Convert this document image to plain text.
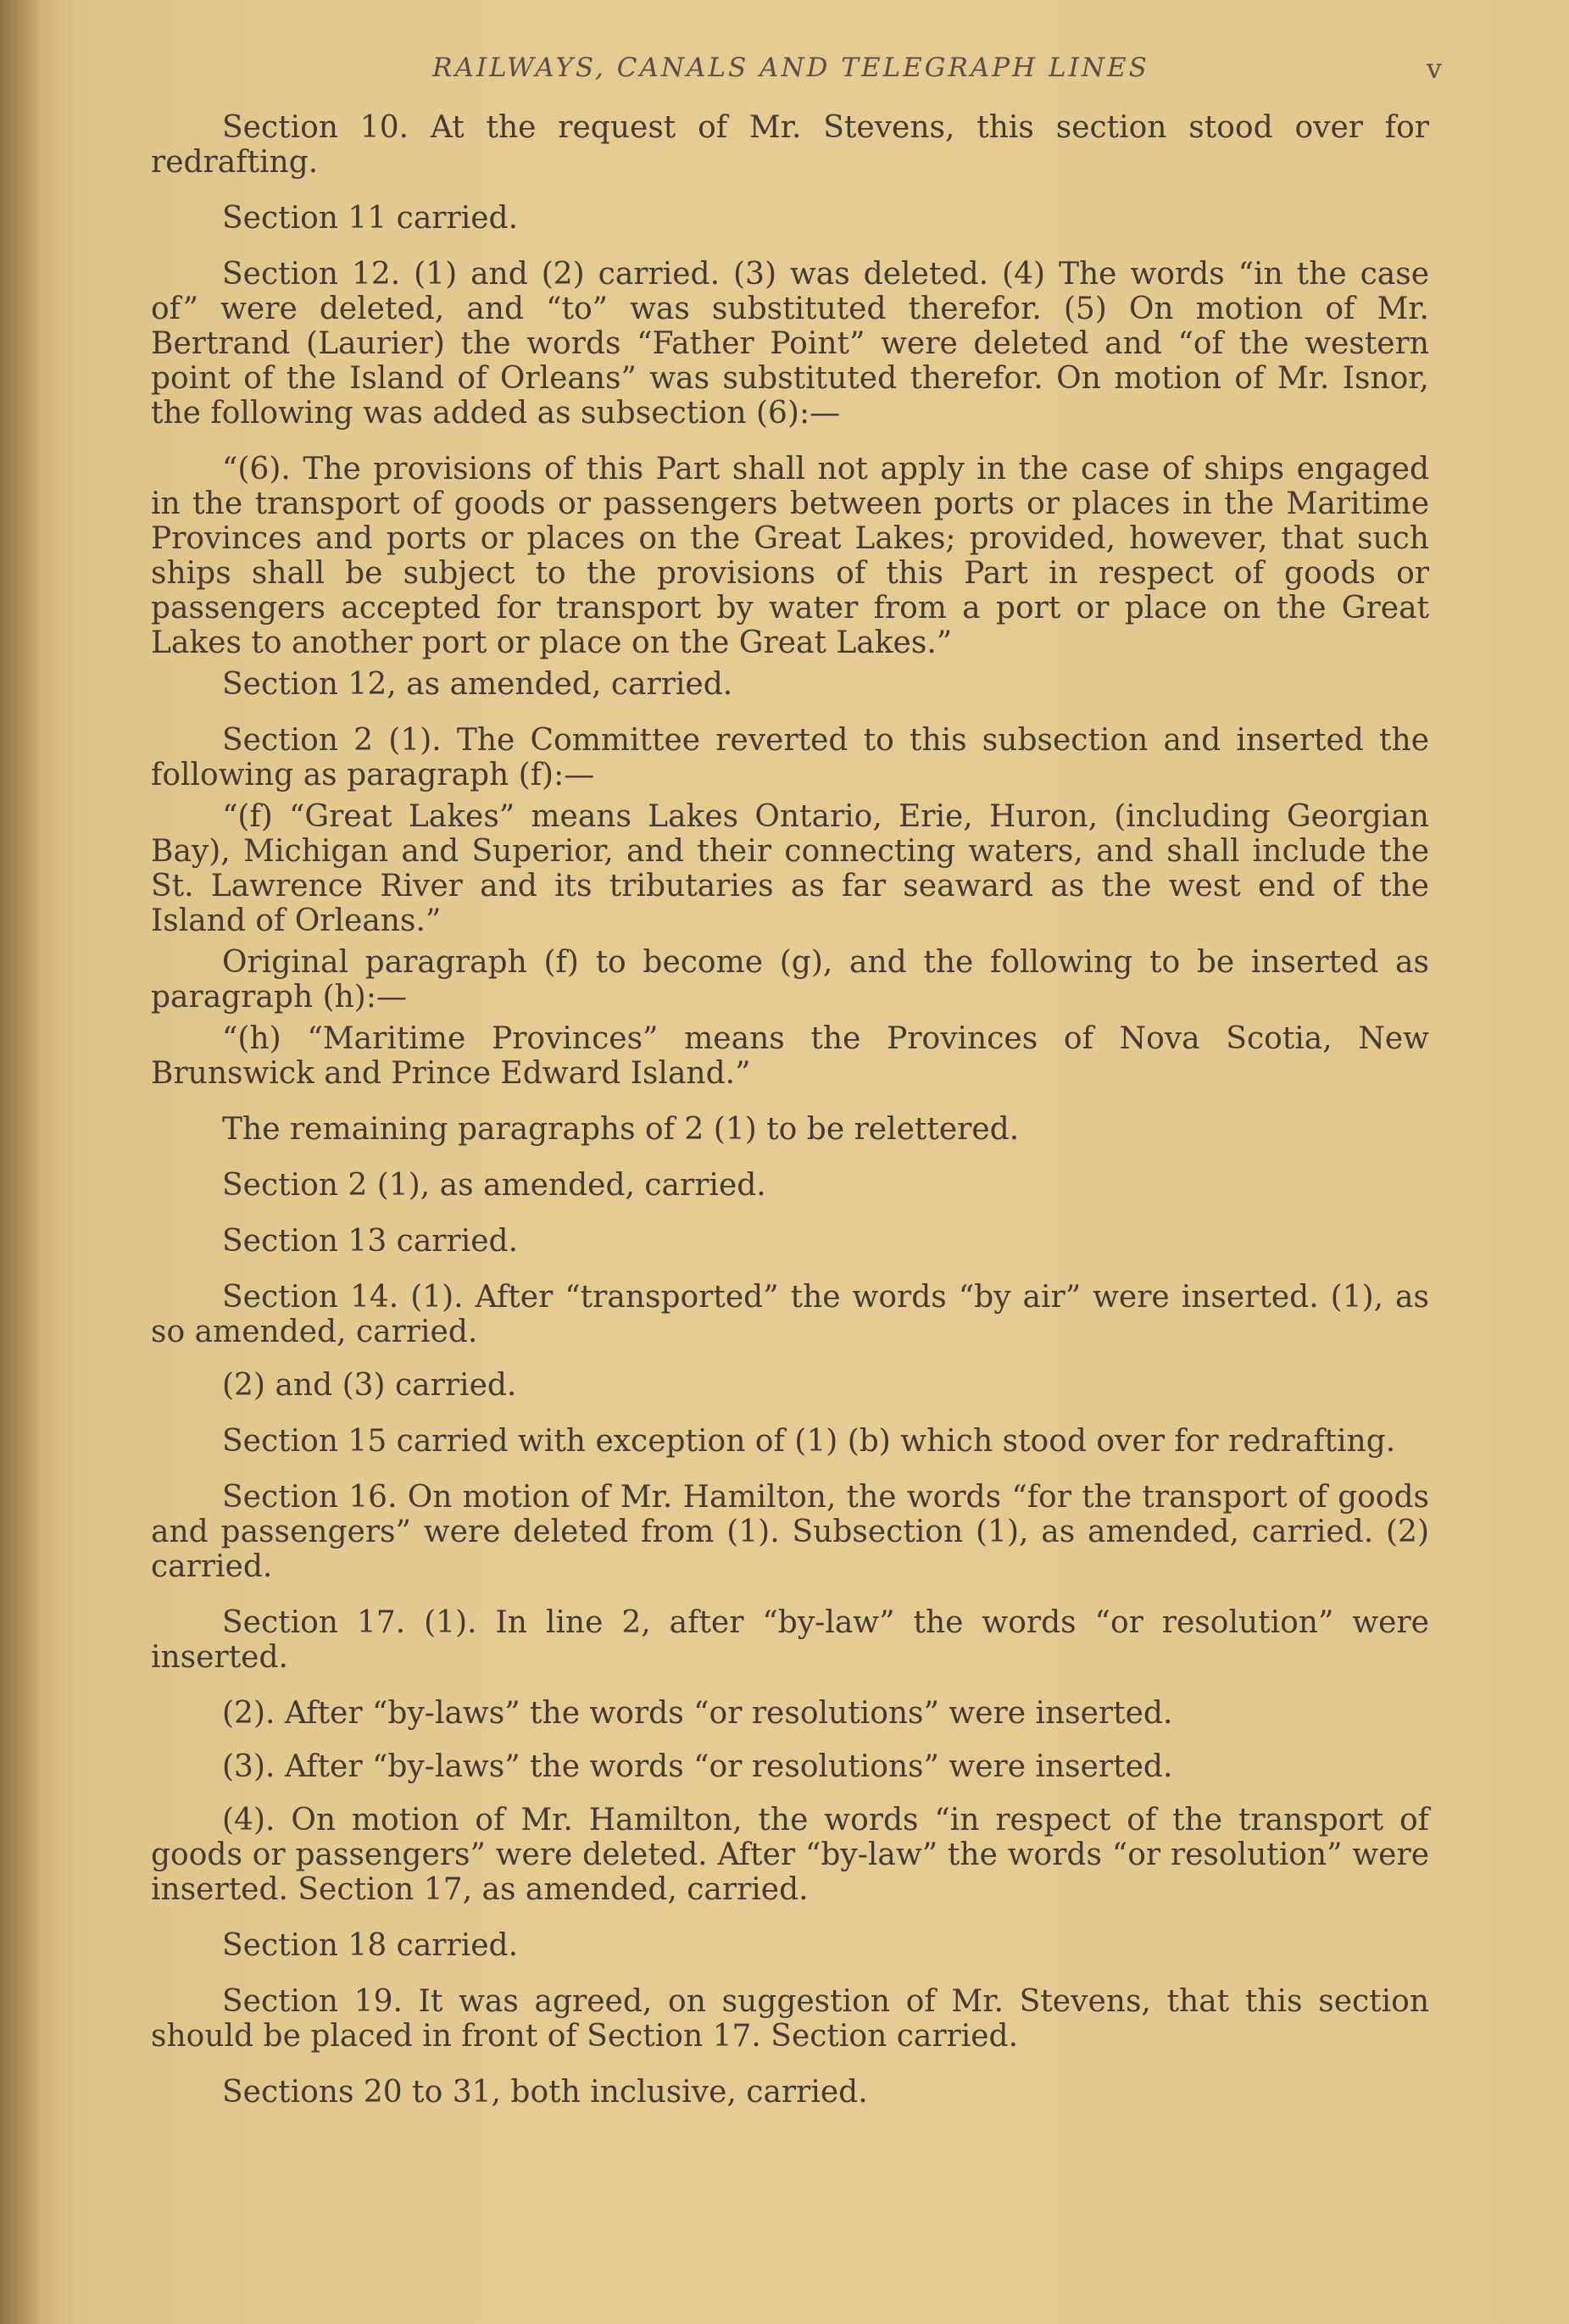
RAILWAYS, CANALS AND TELEGRAPH LINES	v

Section 10. At the request of Mr. Stevens, this section stood over for redrafting.

Section 11 carried.

Section 12. (1) and (2) carried. (3) was deleted. (4) The words “in the case of” were deleted, and “to” was substituted therefor. (5) On motion of Mr. Bertrand (Laurier) the words “Father Point” were deleted and “of the western point of the Island of Orleans” was substituted therefor. On motion of Mr. Isnor, the following was added as subsection (6):—

“(6). The provisions of this Part shall not apply in the case of ships engaged in the transport of goods or passengers between ports or places in the Maritime Provinces and ports or places on the Great Lakes; provided, however, that such ships shall be subject to the provisions of this Part in respect of goods or passengers accepted for transport by water from a port or place on the Great Lakes to another port or place on the Great Lakes.”

Section 12, as amended, carried.

Section 2 (1). The Committee reverted to this subsection and inserted the following as paragraph (f):—

“(f) “Great Lakes” means Lakes Ontario, Erie, Huron, (including Georgian Bay), Michigan and Superior, and their connecting waters, and shall include the St. Lawrence River and its tributaries as far seaward as the west end of the Island of Orleans.”

Original paragraph (f) to become (g), and the following to be inserted as paragraph (h):—

“(h) “Maritime Provinces” means the Provinces of Nova Scotia, New Brunswick and Prince Edward Island.”

The remaining paragraphs of 2 (1) to be relettered.

Section 2 (1), as amended, carried.

Section 13 carried.

Section 14. (1). After “transported” the words “by air” were inserted. (1), as so amended, carried.

(2) and (3) carried.

Section 15 carried with exception of (1) (b) which stood over for redrafting.

Section 16. On motion of Mr. Hamilton, the words “for the transport of goods and passengers” were deleted from (1). Subsection (1), as amended, carried. (2) carried.

Section 17. (1). In line 2, after “by-law” the words “or resolution” were inserted.

(2). After “by-laws” the words “or resolutions” were inserted.

(3). After “by-laws” the words “or resolutions” were inserted.

(4). On motion of Mr. Hamilton, the words “in respect of the transport of goods or passengers” were deleted. After “by-law” the words “or resolution” were inserted. Section 17, as amended, carried.

Section 18 carried.

Section 19. It was agreed, on suggestion of Mr. Stevens, that this section should be placed in front of Section 17. Section carried.

Sections 20 to 31, both inclusive, carried.
